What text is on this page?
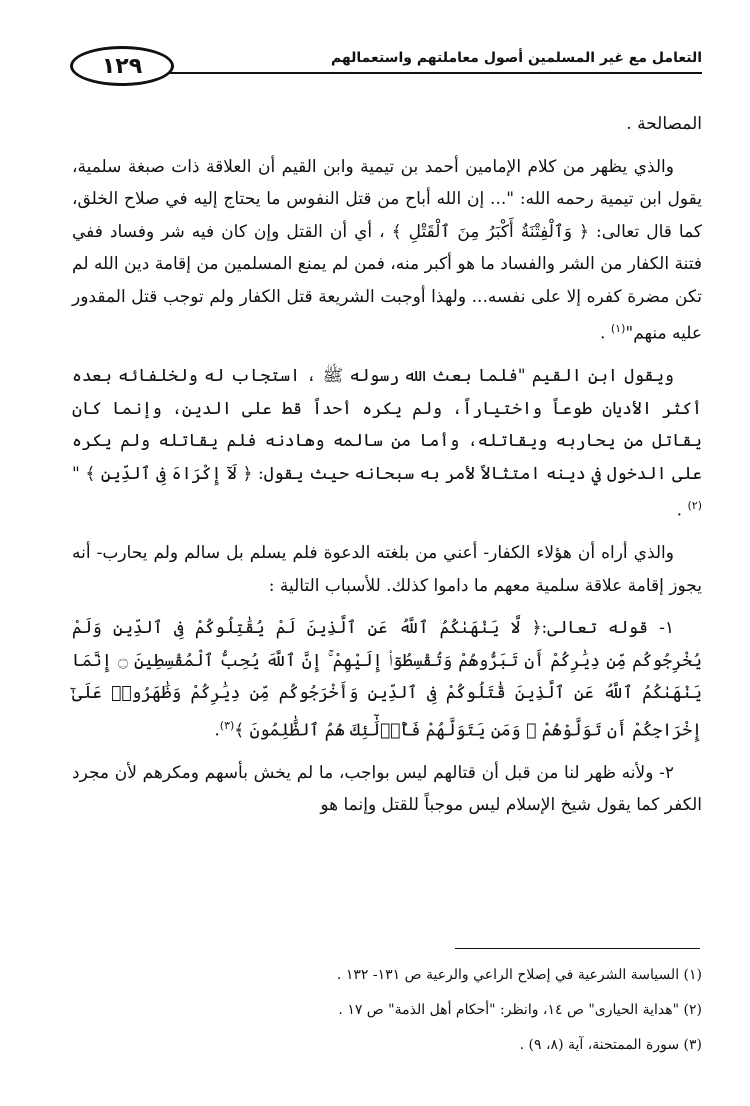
١٢٩	التعامل مع غير المسلمين أصول معاملتهم واستعمالهم

المصالحة .

والذي يظهر من كلام الإمامين أحمد بن تيمية وابن القيم أن العلاقة ذات صبغة سلمية، يقول ابن تيمية رحمه الله: "... إن الله أباح من قتل النفوس ما يحتاج إليه في صلاح الخلق، كما قال تعالى: ﴿ وَٱلْفِتْنَةُ أَكْبَرُ مِنَ ٱلْقَتْلِ ﴾ ، أي أن القتل وإن كان فيه شر وفساد ففي فتنة الكفار من الشر والفساد ما هو أكبر منه، فمن لم يمنع المسلمين من إقامة دين الله لم تكن مضرة كفره إلا على نفسه... ولهذا أوجبت الشريعة قتل الكفار ولم توجب قتل المقدور عليه منهم"$^{(١)}$ .

ويقول ابن القيم "فلما بعث الله رسوله ﷺ ، استجاب له ولخلفائه بعده أكثر الأديان طوعاً واختياراً، ولم يكره أحداً قط على الدين، وإنما كان يقاتل من يحاربه ويقاتله، وأما من سالمه وهادنه فلم يقاتله ولم يكره على الدخول في دينه امتثالاً لأمر به سبحانه حيث يقول: ﴿ لَآ إِكْرَاهَ فِى ٱلدِّينِ ﴾ "$^{(٢)}$ .

والذي أراه أن هؤلاء الكفار- أعني من بلغته الدعوة فلم يسلم بل سالم ولم يحارب- أنه يجوز إقامة علاقة سلمية معهم ما داموا كذلك. للأسباب التالية :

١- قوله تعالى:﴿ لَّا يَنْهَىٰكُمُ ٱللَّهُ عَنِ ٱلَّذِينَ لَمْ يُقَٰتِلُوكُمْ فِى ٱلدِّينِ وَلَمْ يُخْرِجُوكُم مِّن دِيَٰرِكُمْ أَن تَبَرُّوهُمْ وَتُقْسِطُوٓا۟ إِلَيْهِمْ ۚ إِنَّ ٱللَّهَ يُحِبُّ ٱلْمُقْسِطِينَ ۝ إِنَّمَا يَنْهَىٰكُمُ ٱللَّهُ عَنِ ٱلَّذِينَ قَٰتَلُوكُمْ فِى ٱلدِّينِ وَأَخْرَجُوكُم مِّن دِيَٰرِكُمْ وَظَٰهَرُوا۟ عَلَىٰٓ إِخْرَاجِكُمْ أَن تَوَلَّوْهُمْ ۚ وَمَن يَتَوَلَّهُمْ فَأُو۟لَٰٓئِكَ هُمُ ٱلظَّٰلِمُونَ ﴾$^{(٣)}$.

٢- ولأنه ظهر لنا من قبل أن قتالهم ليس بواجب، ما لم يخش بأسهم ومكرهم لأن مجرد الكفر كما يقول شيخ الإسلام ليس موجباً للقتل وإنما هو

(١) السياسة الشرعية في إصلاح الراعي والرعية ص ١٣١- ١٣٢ .
(٢) "هداية الحيارى" ص ١٤، وانظر: "أحكام أهل الذمة" ص ١٧ .
(٣) سورة الممتحنة، آية (٨، ٩) .
